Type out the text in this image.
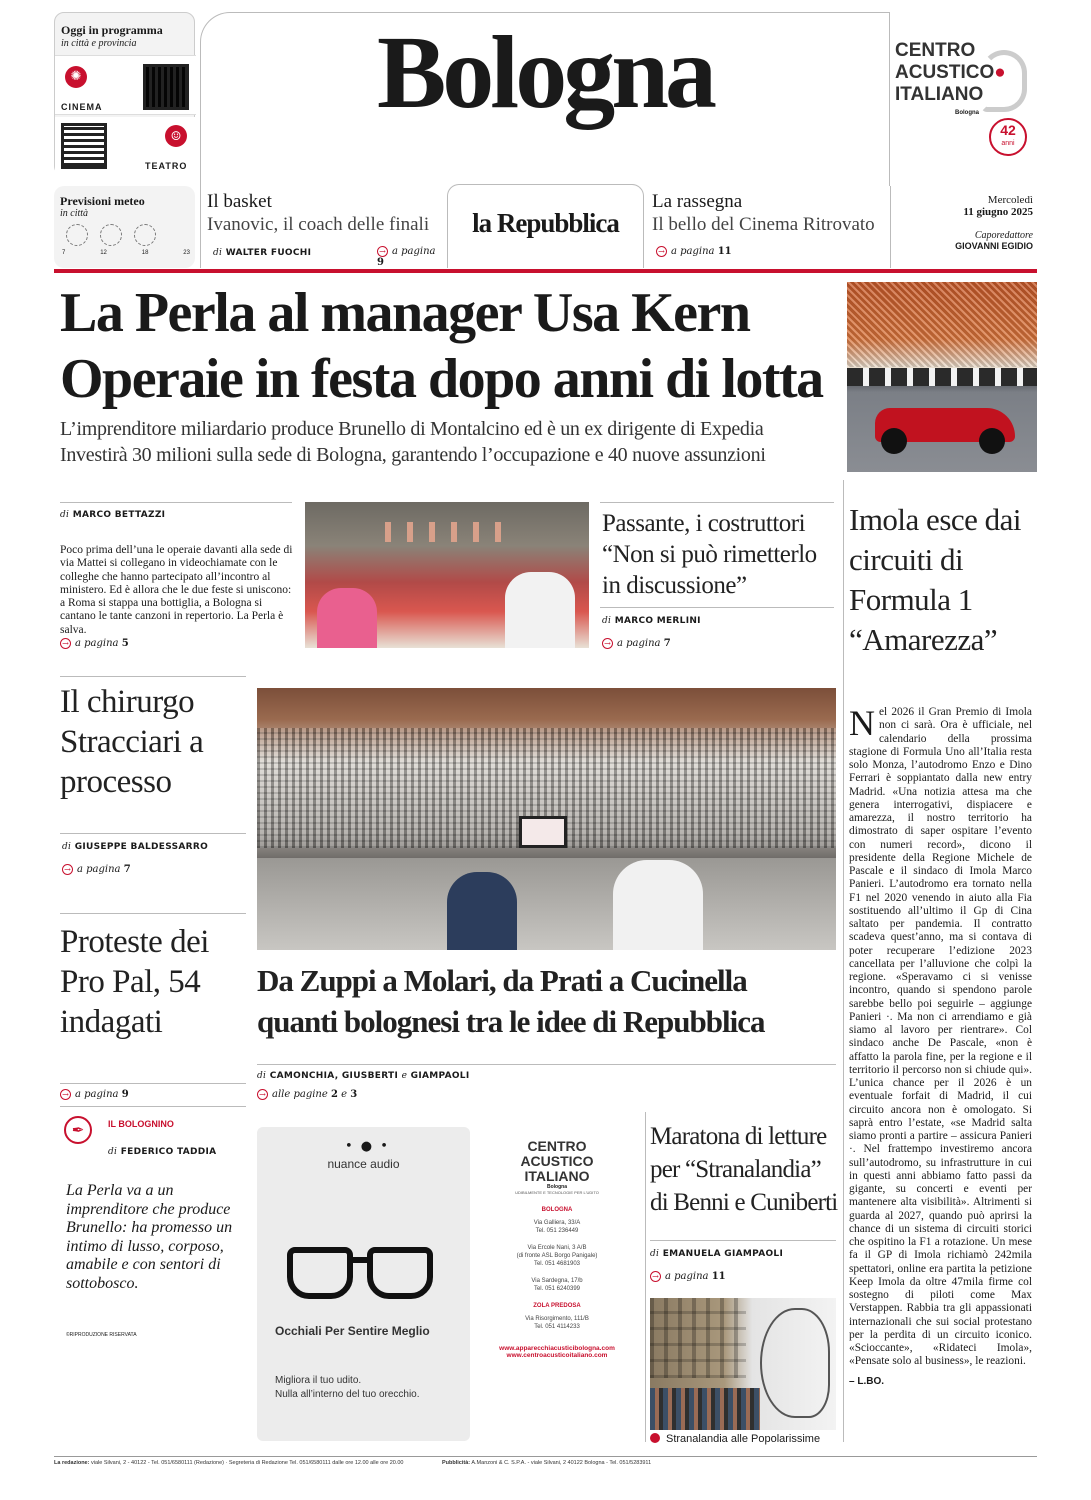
Oggi in programma
in città e provincia
✺
CINEMA
☺
TEATRO
Bologna	CENTRO
ACUSTICO●
ITALIANO
Bologna
42
anni
Previsioni meteo
in città
7	12	18	23
Il basket
Ivanovic, il coach delle finali
di WALTER FUOCHI	→ a pagina 9
la Repubblica
La rassegna
Il bello del Cinema Ritrovato
→ a pagina 11
Mercoledì
11 giugno 2025
Caporedattore
GIOVANNI EGIDIO
La Perla al manager Usa Kern
Operaie in festa dopo anni di lotta
L’imprenditore miliardario produce Brunello di Montalcino ed è un ex dirigente di Expedia
Investirà 30 milioni sulla sede di Bologna, garantendo l’occupazione e 40 nuove assunzioni
di MARCO BETTAZZI
Poco prima dell’una le operaie davanti alla sede di via Mattei si collegano in videochiamate con le colleghe che hanno partecipato all’incontro al ministero. Ed è allora che le due feste si uniscono: a Roma si stappa una bottiglia, a Bologna si cantano le tante canzoni in repertorio. La Perla è salva.
→ a pagina 5
Passante, i costruttori “Non si può rimetterlo in discussione”
di MARCO MERLINI
→ a pagina 7
Imola esce dai circuiti di Formula 1 “Amarezza”
N el 2026 il Gran Premio di Imola non ci sarà. Ora è ufficiale, nel calendario della prossima stagione di Formula Uno all’Italia resta solo Monza, l’autodromo Enzo e Dino Ferrari è soppiantato dalla new entry Madrid. «Una notizia attesa ma che genera interrogativi, dispiacere e amarezza, il nostro territorio ha dimostrato di saper ospitare l’evento con numeri record», dicono il presidente della Regione Michele de Pascale e il sindaco di Imola Marco Panieri. L’autodromo era tornato nella F1 nel 2020 venendo in aiuto alla Fia sostituendo all’ultimo il Gp di Cina saltato per pandemia. Il contratto scadeva quest’anno, ma si contava di poter recuperare l’edizione 2023 cancellata per l’alluvione che colpì la regione. «Speravamo ci si venisse incontro, quando si spendono parole sarebbe bello poi seguirle – aggiunge Panieri ·. Ma non ci arrendiamo e già siamo al lavoro per rientrare». Col sindaco anche De Pascale, «non è affatto la parola fine, per la regione e il territorio il percorso non si chiude qui». L’unica chance per il 2026 è un eventuale forfait di Madrid, il cui circuito ancora non è omologato. Si saprà entro l’estate, «se Madrid salta siamo pronti a partire – assicura Panieri ·. Nel frattempo investiremo ancora sull’autodromo, su infrastrutture in cui in questi anni abbiamo fatto passi da gigante, su concerti e eventi per mantenere alta visibilità». Altrimenti si guarda al 2027, quando può aprirsi la chance di un sistema di circuiti storici che ospitino la F1 a rotazione. Un mese fa il GP di Imola richiamò 242mila spettatori, online era partita la petizione Keep Imola da oltre 47mila firme col sostegno di piloti come Max Verstappen. Rabbia tra gli appassionati internazionali che sui social protestano per la perdita di un circuito iconico. «Scioccante», «Ridateci Imola», «Pensate solo al business», le reazioni.
– L.BO.
Il chirurgo Stracciari a processo
di GIUSEPPE BALDESSARRO
→ a pagina 7
Proteste dei Pro Pal, 54 indagati
→ a pagina 9
Da Zuppi a Molari, da Prati a Cucinella
quanti bolognesi tra le idee di Repubblica
di CAMONCHIA, GIUSBERTI e GIAMPAOLI
→ alle pagine 2 e 3
✒	IL BOLOGNINO
di FEDERICO TADDIA
La Perla va a un imprenditore che produce Brunello: ha promesso un intimo di lusso, corposo, amabile e con sentori di sottobosco.
©RIPRODUZIONE RISERVATA
• ● •
nuance audio
Occhiali Per Sentire Meglio
Migliora il tuo udito.
Nulla all’interno del tuo orecchio.
CENTRO
ACUSTICO
ITALIANO
Bologna
UDIBILMENTE E TECNOLOGIE PER L'UDITO
BOLOGNA
Via Galliera, 33/A
Tel. 051 236449
Via Ercole Nani, 3 A/B
(di fronte ASL Borgo Panigale)
Tel. 051 4681903
Via Sardegna, 17/b
Tel. 051 6240399
ZOLA PREDOSA
Via Risorgimento, 111/B
Tel. 051 4114233
www.apparecchiacusticibologna.com
www.centroacusticoitaliano.com
Maratona di letture per “Stranalandia” di Benni e Cuniberti
di EMANUELA GIAMPAOLI
→ a pagina 11
Stranalandia alle Popolarissime
La redazione: viale Silvani, 2 - 40122 - Tel. 051/6580111 (Redazione) · Segreteria di Redazione Tel. 051/6580111 dalle ore 12.00 alle ore 20.00	Pubblicità: A.Manzoni & C. S.P.A. - viale Silvani, 2 40122 Bologna - Tel. 051/5283911
